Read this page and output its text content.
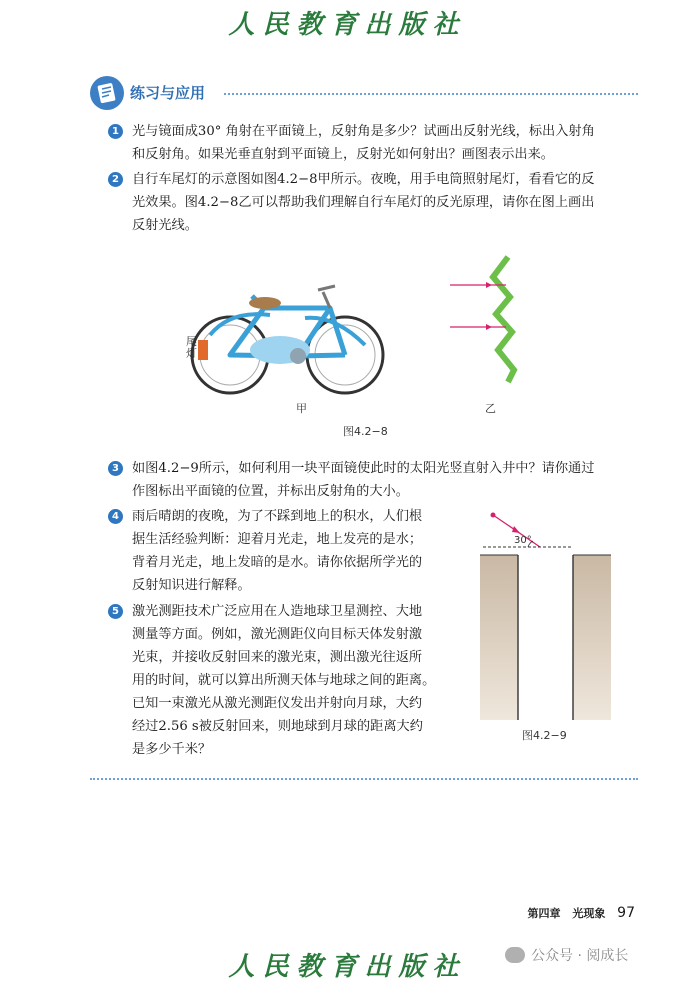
人民教育出版社
练习与应用
1 光与镜面成30° 角射在平面镜上，反射角是多少？试画出反射光线，标出入射角
和反射角。如果光垂直射到平面镜上，反射光如何射出？画图表示出来。
2 自行车尾灯的示意图如图4.2−8甲所示。夜晚，用手电筒照射尾灯，看看它的反
光效果。图4.2−8乙可以帮助我们理解自行车尾灯的反光原理，请你在图上画出
反射光线。
尾灯
甲	乙
图4.2−8
3 如图4.2−9所示，如何利用一块平面镜使此时的太阳光竖直射入井中？请你通过
作图标出平面镜的位置，并标出反射角的大小。
4 雨后晴朗的夜晚，为了不踩到地上的积水，人们根
据生活经验判断：迎着月光走，地上发亮的是水；
背着月光走，地上发暗的是水。请你依据所学光的
反射知识进行解释。
5 激光测距技术广泛应用在人造地球卫星测控、大地
测量等方面。例如，激光测距仪向目标天体发射激
光束，并接收反射回来的激光束，测出激光往返所
用的时间，就可以算出所测天体与地球之间的距离。
已知一束激光从激光测距仪发出并射向月球，大约
经过2.56 s被反射回来，则地球到月球的距离大约
是多少千米？
30°
图4.2−9
第四章 光现象 97
人民教育出版社	公众号 · 阅成长
